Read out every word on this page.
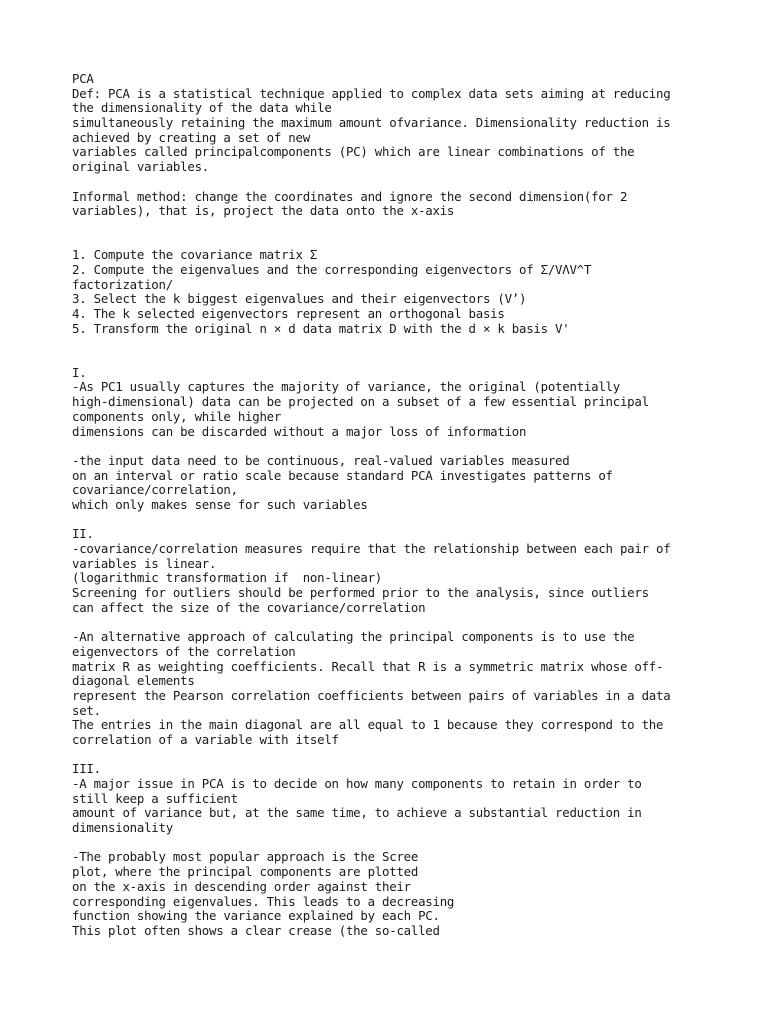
PCA
Def: PCA is a statistical technique applied to complex data sets aiming at reducing
the dimensionality of the data while
simultaneously retaining the maximum amount ofvariance. Dimensionality reduction is
achieved by creating a set of new
variables called principalcomponents (PC) which are linear combinations of the
original variables.
Informal method: change the coordinates and ignore the second dimension(for 2
variables), that is, project the data onto the x-axis
1. Compute the covariance matrix Σ
2. Compute the eigenvalues and the corresponding eigenvectors of Σ/VΛV^T
factorization/
3. Select the k biggest eigenvalues and their eigenvectors (V’)
4. The k selected eigenvectors represent an orthogonal basis
5. Transform the original n × d data matrix D with the d × k basis V'
I.
-As PC1 usually captures the majority of variance, the original (potentially
high-dimensional) data can be projected on a subset of a few essential principal
components only, while higher
dimensions can be discarded without a major loss of information
-the input data need to be continuous, real-valued variables measured
on an interval or ratio scale because standard PCA investigates patterns of
covariance/correlation,
which only makes sense for such variables
II.
-covariance/correlation measures require that the relationship between each pair of
variables is linear.
(logarithmic transformation if  non-linear)
Screening for outliers should be performed prior to the analysis, since outliers
can affect the size of the covariance/correlation
-An alternative approach of calculating the principal components is to use the
eigenvectors of the correlation
matrix R as weighting coefficients. Recall that R is a symmetric matrix whose off-
diagonal elements
represent the Pearson correlation coefficients between pairs of variables in a data
set.
The entries in the main diagonal are all equal to 1 because they correspond to the
correlation of a variable with itself
III.
-A major issue in PCA is to decide on how many components to retain in order to
still keep a sufficient
amount of variance but, at the same time, to achieve a substantial reduction in
dimensionality
-The probably most popular approach is the Scree
plot, where the principal components are plotted
on the x-axis in descending order against their
corresponding eigenvalues. This leads to a decreasing
function showing the variance explained by each PC.
This plot often shows a clear crease (the so-called
